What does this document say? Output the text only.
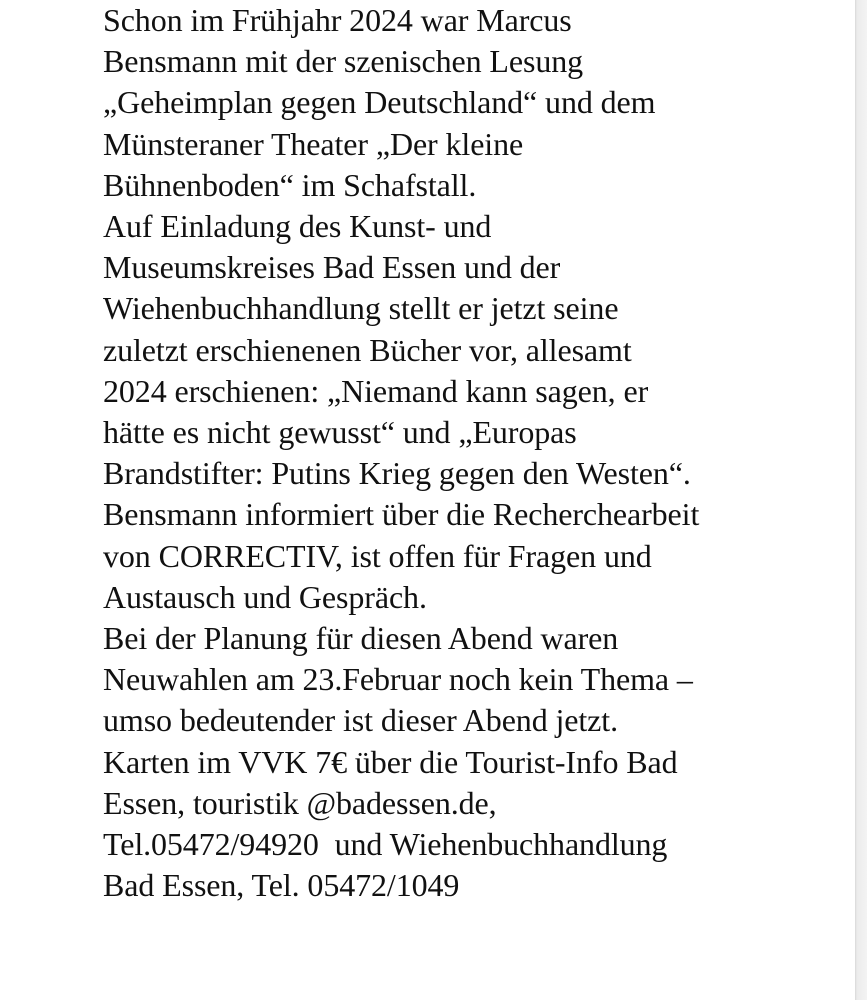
Schon im Frühjahr 2024 war Marcus
Bensmann mit der szenischen Lesung
„Geheimplan gegen Deutschland“ und dem
Münsteraner Theater „Der kleine
Bühnenboden“ im Schafstall.
Auf Einladung des Kunst- und
Museumskreises Bad Essen und der
Wiehenbuchhandlung stellt er jetzt seine
zuletzt erschienenen Bücher vor, allesamt
2024 erschienen: „Niemand kann sagen, er
hätte es nicht gewusst“ und „Europas
Brandstifter: Putins Krieg gegen den Westen“.
Bensmann informiert über die Recherchearbeit
von CORRECTIV, ist offen für Fragen und
Austausch und Gespräch.
Bei der Planung für diesen Abend waren
Neuwahlen am 23.Februar noch kein Thema –
umso bedeutender ist dieser Abend jetzt.
Karten im VVK 7€ über die Tourist-Info Bad
Essen, touristik @badessen.de,
Tel.05472/94920  und Wiehenbuchhandlung
Bad Essen, Tel. 05472/1049
